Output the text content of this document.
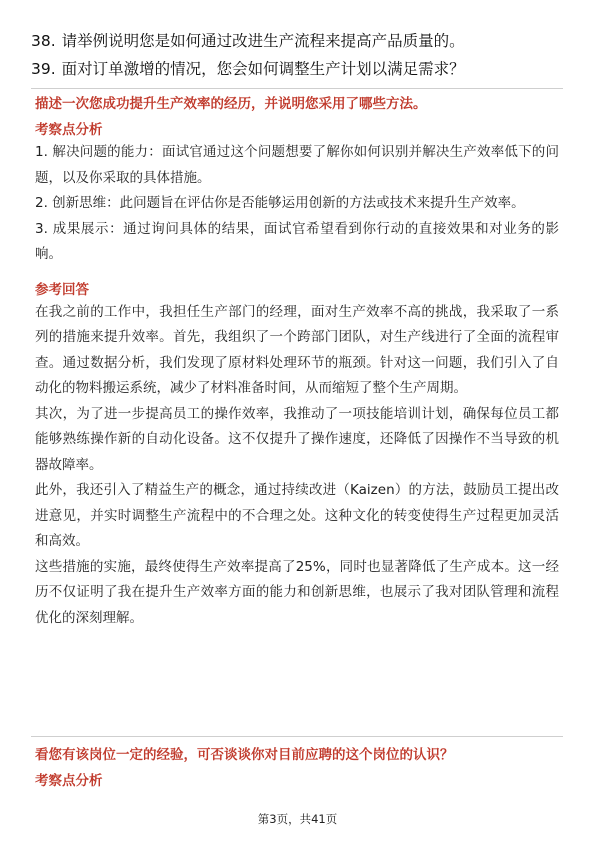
38. 请举例说明您是如何通过改进生产流程来提高产品质量的。
39. 面对订单激增的情况，您会如何调整生产计划以满足需求？
描述一次您成功提升生产效率的经历，并说明您采用了哪些方法。
考察点分析
1. 解决问题的能力：面试官通过这个问题想要了解你如何识别并解决生产效率低下的问题，以及你采取的具体措施。
2. 创新思维：此问题旨在评估你是否能够运用创新的方法或技术来提升生产效率。
3. 成果展示：通过询问具体的结果，面试官希望看到你行动的直接效果和对业务的影响。
参考回答
在我之前的工作中，我担任生产部门的经理，面对生产效率不高的挑战，我采取了一系列的措施来提升效率。首先，我组织了一个跨部门团队，对生产线进行了全面的流程审查。通过数据分析，我们发现了原材料处理环节的瓶颈。针对这一问题，我们引入了自动化的物料搬运系统，减少了材料准备时间，从而缩短了整个生产周期。
其次，为了进一步提高员工的操作效率，我推动了一项技能培训计划，确保每位员工都能够熟练操作新的自动化设备。这不仅提升了操作速度，还降低了因操作不当导致的机器故障率。
此外，我还引入了精益生产的概念，通过持续改进（Kaizen）的方法，鼓励员工提出改进意见，并实时调整生产流程中的不合理之处。这种文化的转变使得生产过程更加灵活和高效。
这些措施的实施，最终使得生产效率提高了25%，同时也显著降低了生产成本。这一经历不仅证明了我在提升生产效率方面的能力和创新思维，也展示了我对团队管理和流程优化的深刻理解。
看您有该岗位一定的经验，可否谈谈你对目前应聘的这个岗位的认识？
考察点分析
第3页，共41页
